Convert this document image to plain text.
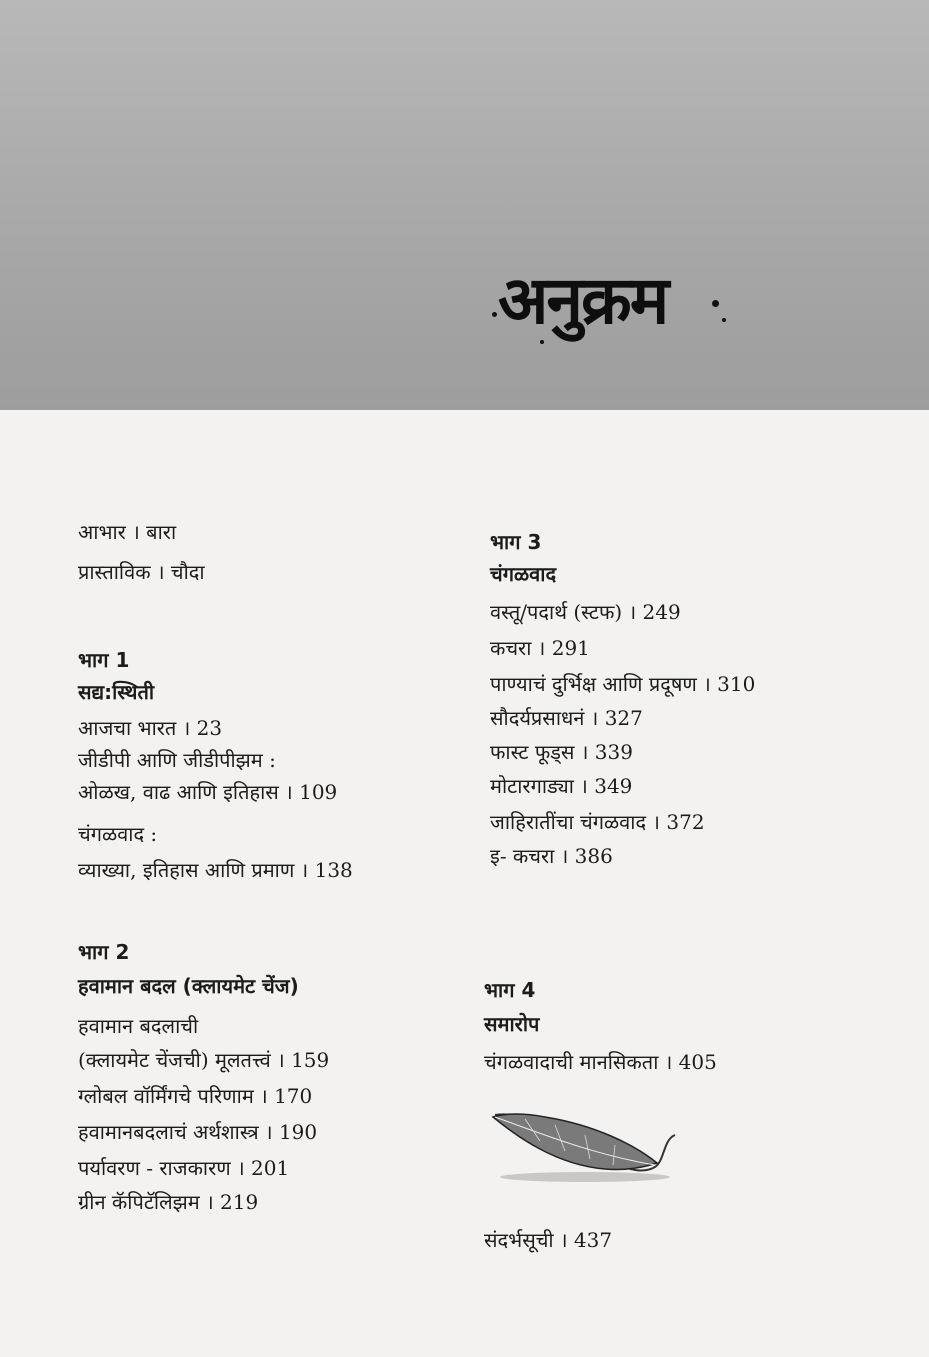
अनुक्रम
आभार । बारा
प्रास्ताविक । चौदा
भाग 1
सद्य:स्थिती
आजचा भारत । 23
जीडीपी आणि जीडीपीझम :
ओळख, वाढ आणि इतिहास । 109
चंगळवाद :
व्याख्या, इतिहास आणि प्रमाण । 138
भाग 2
हवामान बदल (क्लायमेट चेंज)
हवामान बदलाची
(क्लायमेट चेंजची) मूलतत्त्वं । 159
ग्लोबल वॉर्मिंगचे परिणाम । 170
हवामानबदलाचं अर्थशास्त्र । 190
पर्यावरण - राजकारण । 201
ग्रीन कॅपिटॅलिझम । 219
भाग 3
चंगळवाद
वस्तू/पदार्थ (स्टफ) । 249
कचरा । 291
पाण्याचं दुर्भिक्ष आणि प्रदूषण । 310
सौदर्यप्रसाधनं । 327
फास्ट फूड्स । 339
मोटारगाड्या । 349
जाहिरातींचा चंगळवाद । 372
इ- कचरा । 386
भाग 4
समारोप
चंगळवादाची मानसिकता । 405
संदर्भसूची । 437
